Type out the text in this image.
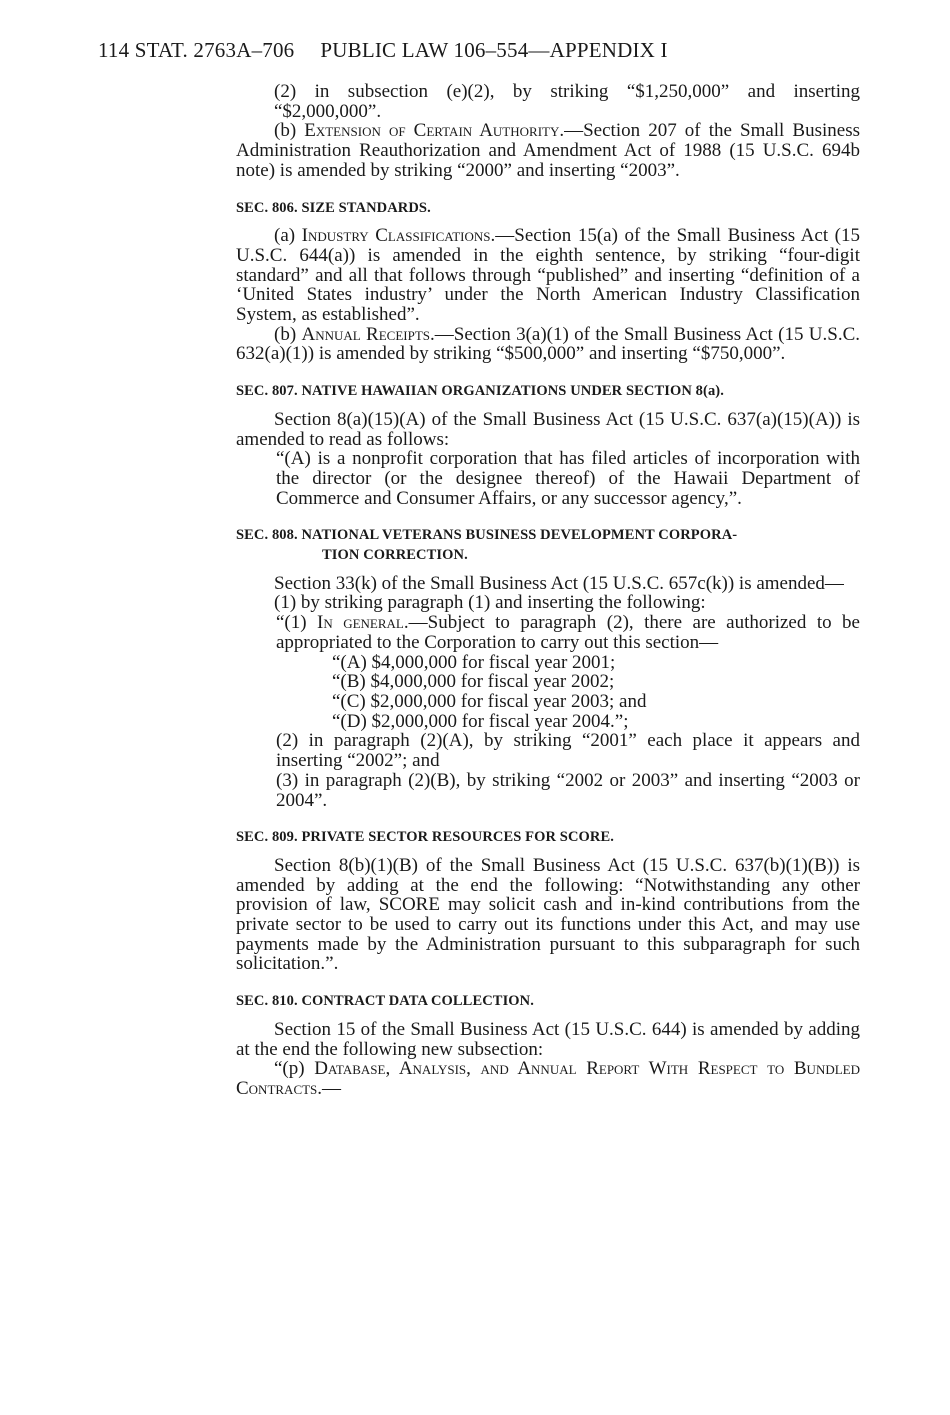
114 STAT. 2763A–706 PUBLIC LAW 106–554—APPENDIX I

(2) in subsection (e)(2), by striking “$1,250,000” and inserting “$2,000,000”.

(b) Extension of Certain Authority.—Section 207 of the Small Business Administration Reauthorization and Amendment Act of 1988 (15 U.S.C. 694b note) is amended by striking “2000” and inserting “2003”.

SEC. 806. SIZE STANDARDS.

(a) Industry Classifications.—Section 15(a) of the Small Business Act (15 U.S.C. 644(a)) is amended in the eighth sentence, by striking “four-digit standard” and all that follows through “published” and inserting “definition of a ‘United States industry’ under the North American Industry Classification System, as established”.

(b) Annual Receipts.—Section 3(a)(1) of the Small Business Act (15 U.S.C. 632(a)(1)) is amended by striking “$500,000” and inserting “$750,000”.

SEC. 807. NATIVE HAWAIIAN ORGANIZATIONS UNDER SECTION 8(a).

Section 8(a)(15)(A) of the Small Business Act (15 U.S.C. 637(a)(15)(A)) is amended to read as follows:

“(A) is a nonprofit corporation that has filed articles of incorporation with the director (or the designee thereof) of the Hawaii Department of Commerce and Consumer Affairs, or any successor agency,”.

SEC. 808. NATIONAL VETERANS BUSINESS DEVELOPMENT CORPORA-
TION CORRECTION.

Section 33(k) of the Small Business Act (15 U.S.C. 657c(k)) is amended—

(1) by striking paragraph (1) and inserting the following:

“(1) In general.—Subject to paragraph (2), there are authorized to be appropriated to the Corporation to carry out this section—

“(A) $4,000,000 for fiscal year 2001;

“(B) $4,000,000 for fiscal year 2002;

“(C) $2,000,000 for fiscal year 2003; and

“(D) $2,000,000 for fiscal year 2004.”;

(2) in paragraph (2)(A), by striking “2001” each place it appears and inserting “2002”; and

(3) in paragraph (2)(B), by striking “2002 or 2003” and inserting “2003 or 2004”.

SEC. 809. PRIVATE SECTOR RESOURCES FOR SCORE.

Section 8(b)(1)(B) of the Small Business Act (15 U.S.C. 637(b)(1)(B)) is amended by adding at the end the following: “Notwithstanding any other provision of law, SCORE may solicit cash and in-kind contributions from the private sector to be used to carry out its functions under this Act, and may use payments made by the Administration pursuant to this subparagraph for such solicitation.”.

SEC. 810. CONTRACT DATA COLLECTION.

Section 15 of the Small Business Act (15 U.S.C. 644) is amended by adding at the end the following new subsection:

“(p) Database, Analysis, and Annual Report With Respect to Bundled Contracts.—
